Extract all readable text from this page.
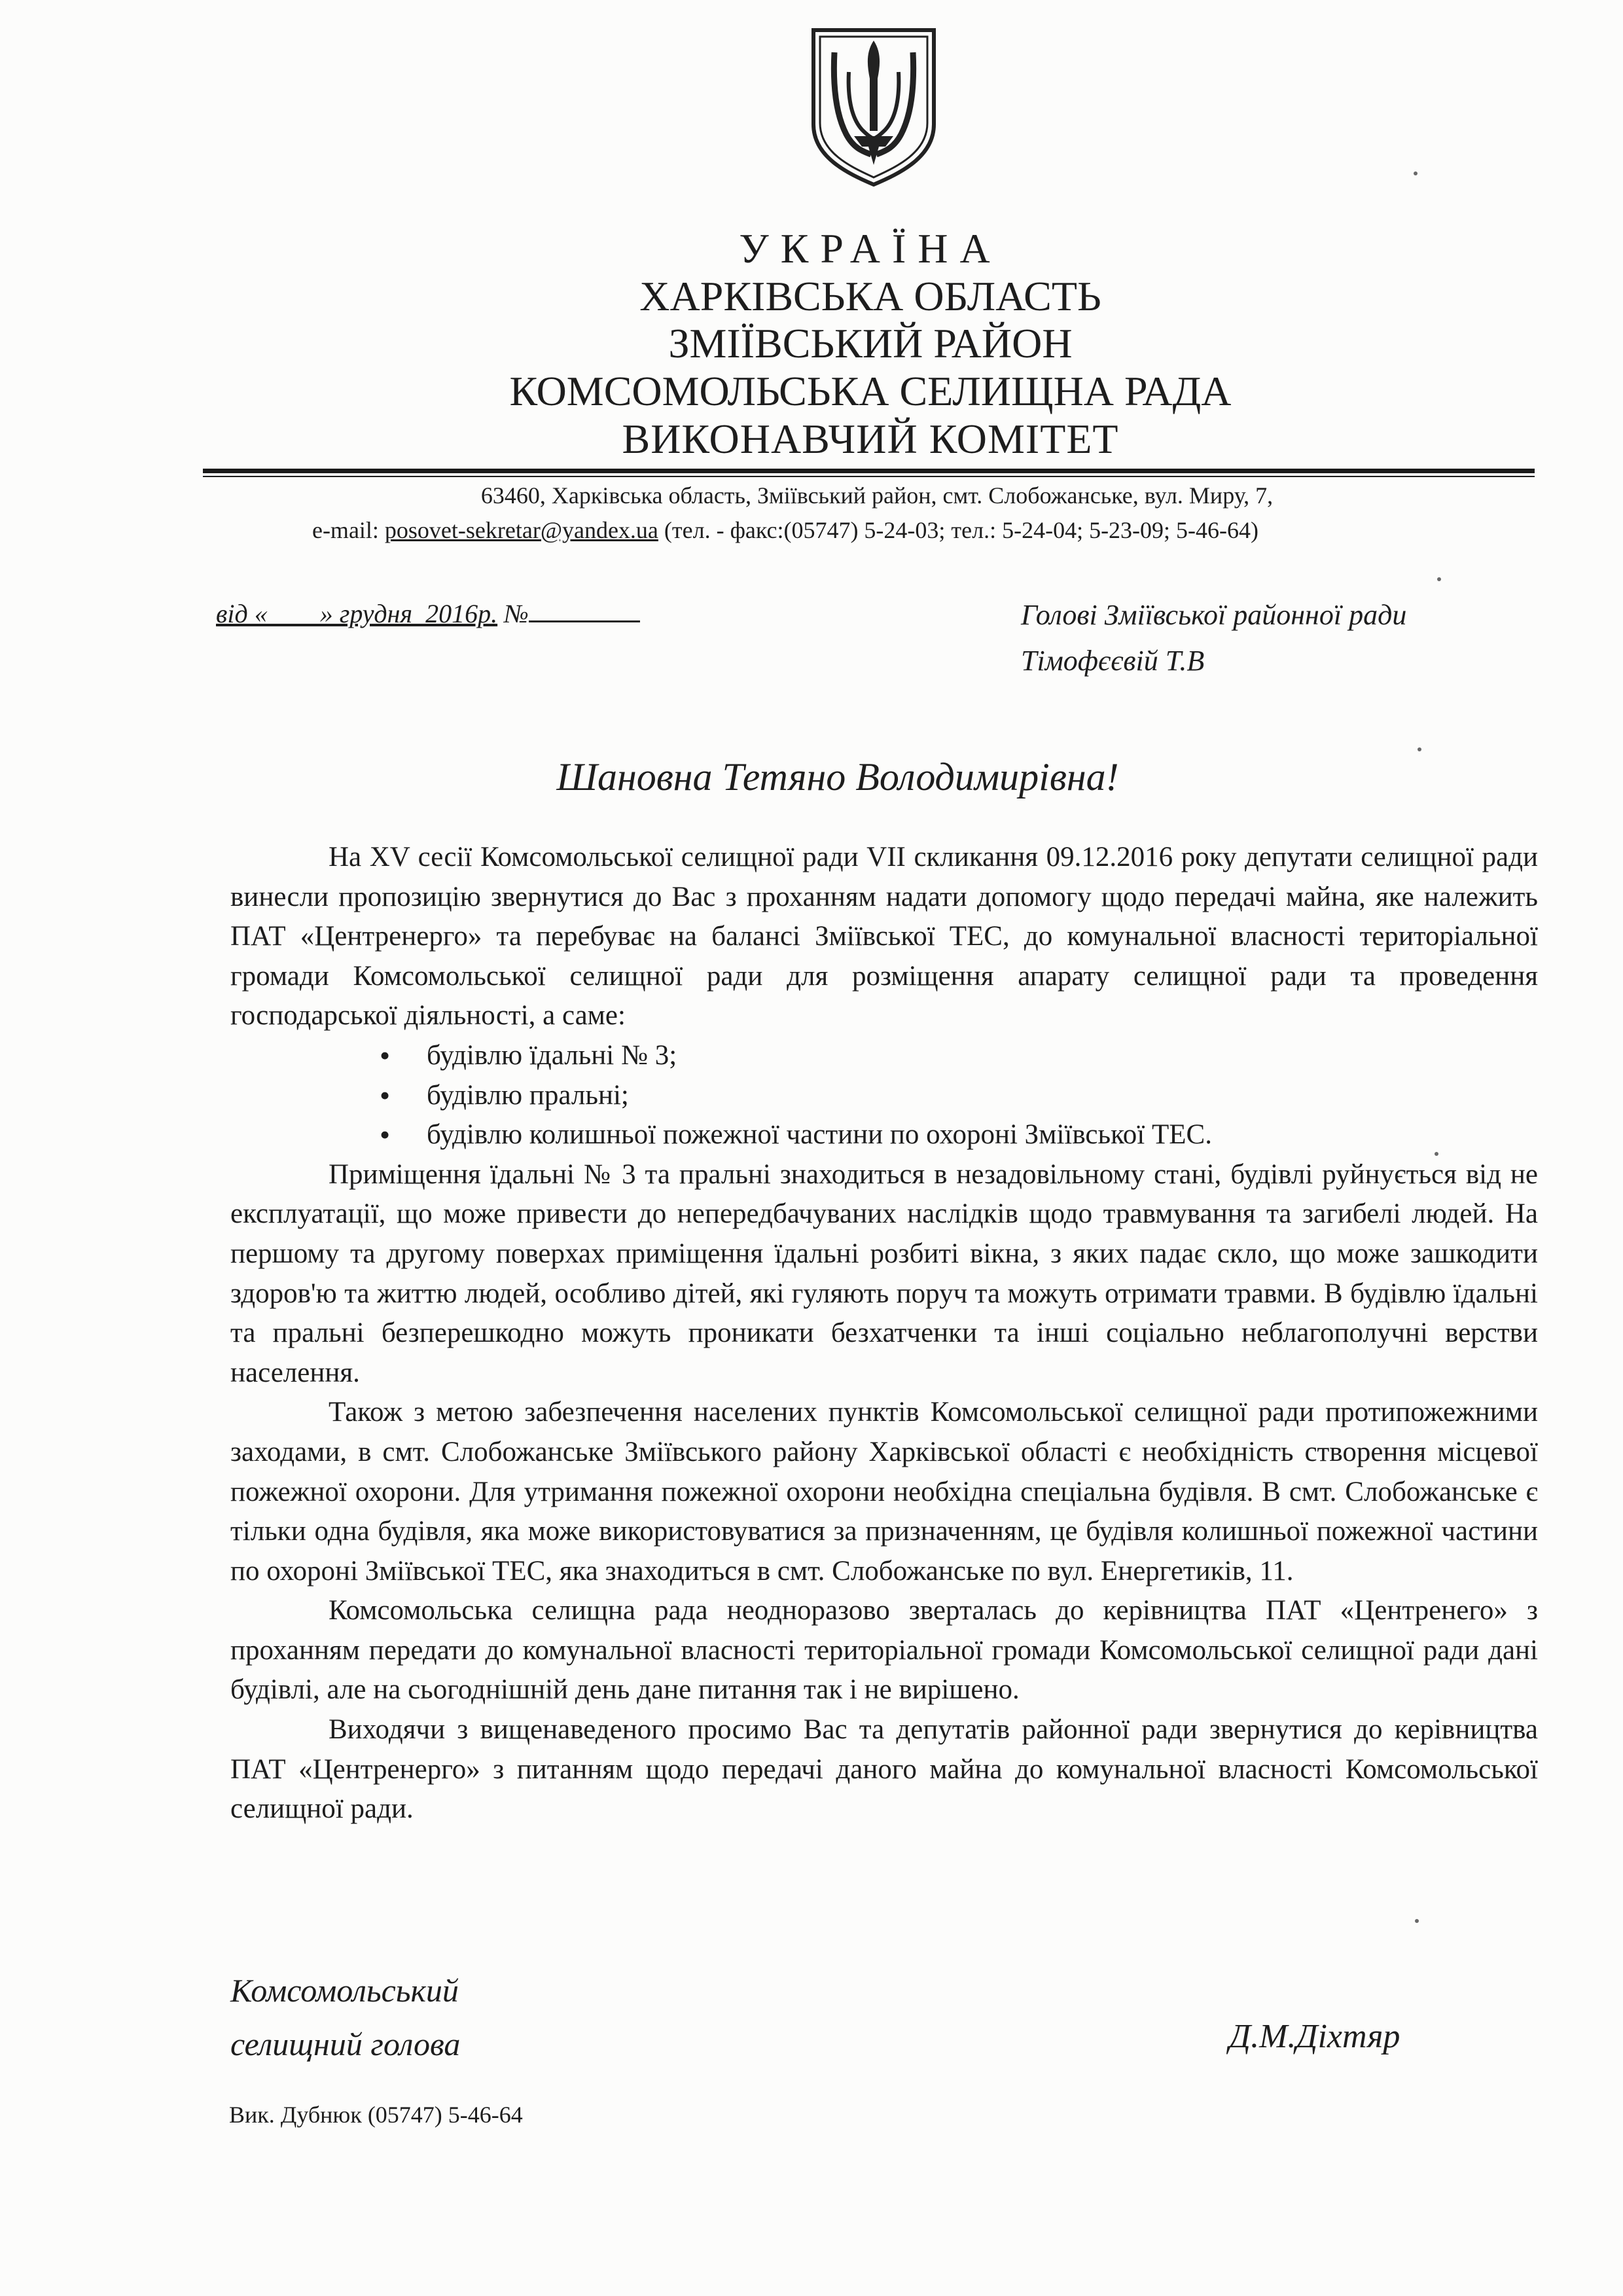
УКРАЇНА
ХАРКІВСЬКА ОБЛАСТЬ
ЗМІЇВСЬКИЙ РАЙОН
КОМСОМОЛЬСЬКА СЕЛИЩНА РАДА
ВИКОНАВЧИЙ КОМІТЕТ
63460, Харківська область, Зміївський район, смт. Слобожанське, вул. Миру, 7,
e-mail: posovet-sekretar@yandex.ua (тел. - факс:(05747) 5-24-03; тел.: 5-24-04; 5-23-09; 5-46-64)
від «        » грудня  2016р. №	Голові Зміївської районної ради
Тімофєєвій Т.В
Шановна Тетяно Володимирівна!

На XV сесії Комсомольської селищної ради VII скликання 09.12.2016 року депутати селищної ради винесли пропозицію звернутися до Вас з проханням надати допомогу щодо передачі майна, яке належить ПАТ «Центренерго» та перебуває на балансі Зміївської ТЕС, до комунальної власності територіальної громади Комсомольської селищної ради для розміщення апарату селищної ради та проведення господарської діяльності, а саме:

• будівлю їдальні № 3;
• будівлю пральні;
• будівлю колишньої пожежної частини по охороні Зміївської ТЕС.

Приміщення їдальні № 3 та пральні знаходиться в незадовільному стані, будівлі руйнується від не експлуатації, що може привести до непередбачуваних наслідків щодо травмування та загибелі людей. На першому та другому поверхах приміщення їдальні розбиті вікна, з яких падає скло, що може зашкодити здоров'ю та життю людей, особливо дітей, які гуляють поруч та можуть отримати травми. В будівлю їдальні та пральні безперешкодно можуть проникати безхатченки та інші соціально неблагополучні верстви населення.

Також з метою забезпечення населених пунктів Комсомольської селищної ради протипожежними заходами, в смт. Слобожанське Зміївського району Харківської області є необхідність створення місцевої пожежної охорони. Для утримання пожежної охорони необхідна спеціальна будівля. В смт. Слобожанське є тільки одна будівля, яка може використовуватися за призначенням, це будівля колишньої пожежної частини по охороні Зміївської ТЕС, яка знаходиться в смт. Слобожанське по вул. Енергетиків, 11.

Комсомольська селищна рада неодноразово зверталась до керівництва ПАТ «Центренего» з проханням передати до комунальної власності територіальної громади Комсомольської селищної ради дані будівлі, але на сьогоднішній день дане питання так і не вирішено.

Виходячи з вищенаведеного просимо Вас та депутатів районної ради звернутися до керівництва ПАТ «Центренерго» з питанням щодо передачі даного майна до комунальної власності Комсомольської селищної ради.

Комсомольський
селищний голова	Д.М.Діхтяр
Вик. Дубнюк (05747) 5-46-64
